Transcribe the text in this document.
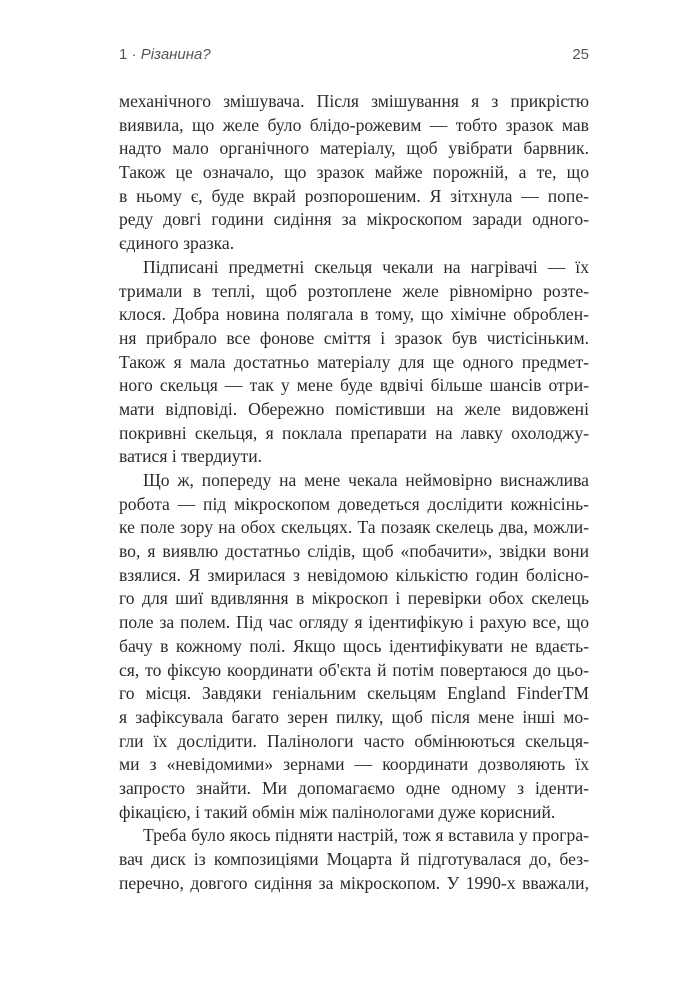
1 · Різанина?	25
механічного змішувача. Після змішування я з прикрістю
виявила, що желе було блідо-рожевим — тобто зразок мав
надто мало органічного матеріалу, щоб увібрати барвник.
Також це означало, що зразок майже порожній, а те, що
в ньому є, буде вкрай розпорошеним. Я зітхнула — попе-
реду довгі години сидіння за мікроскопом заради одного-
єдиного зразка.
Підписані предметні скельця чекали на нагрівачі — їх
тримали в теплі, щоб розтоплене желе рівномірно розте-
клося. Добра новина полягала в тому, що хімічне оброблен-
ня прибрало все фонове сміття і зразок був чистісіньким.
Також я мала достатньо матеріалу для ще одного предмет-
ного скельця — так у мене буде вдвічі більше шансів отри-
мати відповіді. Обережно помістивши на желе видовжені
покривні скельця, я поклала препарати на лавку охолоджу-
ватися і твердиути.
Що ж, попереду на мене чекала неймовірно виснажлива
робота — під мікроскопом доведеться дослідити кожнісінь-
ке поле зору на обох скельцях. Та позаяк скелець два, можли-
во, я виявлю достатньо слідів, щоб «побачити», звідки вони
взялися. Я змирилася з невідомою кількістю годин болісно-
го для шиї вдивляння в мікроскоп і перевірки обох скелець
поле за полем. Під час огляду я ідентифікую і рахую все, що
бачу в кожному полі. Якщо щось ідентифікувати не вдаєть-
ся, то фіксую координати об'єкта й потім повертаюся до цьо-
го місця. Завдяки геніальним скельцям England FinderTM
я зафіксувала багато зерен пилку, щоб після мене інші мо-
гли їх дослідити. Палінологи часто обмінюються скельця-
ми з «невідомими» зернами — координати дозволяють їх
запросто знайти. Ми допомагаємо одне одному з іденти-
фікацією, і такий обмін між палінологами дуже корисний.
Треба було якось підняти настрій, тож я вставила у програ-
вач диск із композиціями Моцарта й підготувалася до, без-
перечно, довгого сидіння за мікроскопом. У 1990-х вважали,
